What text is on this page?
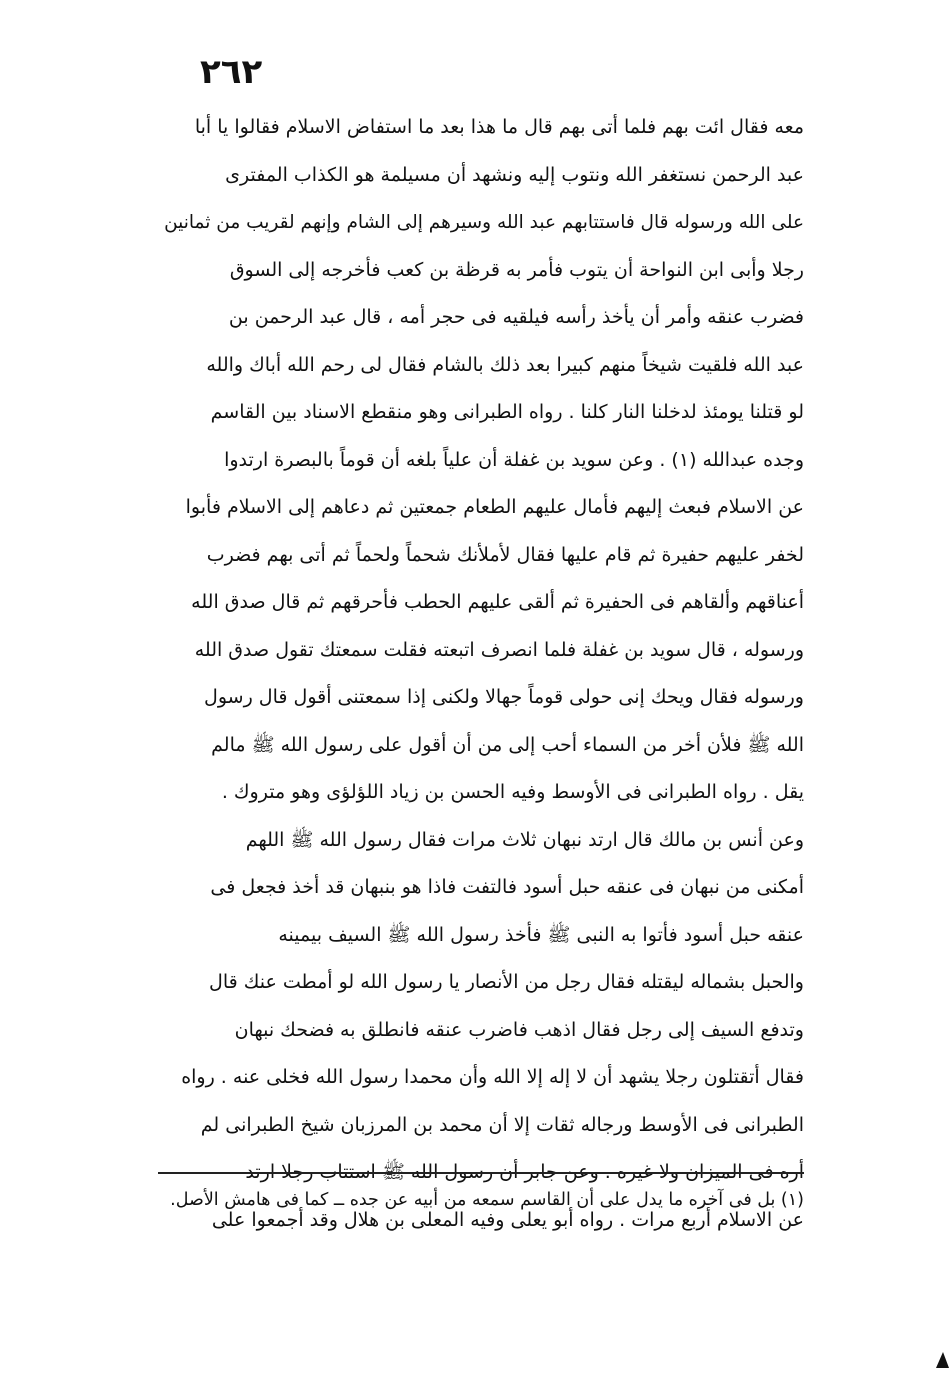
٢٦٢
معه فقال ائت بهم فلما أتى بهم قال ما هذا بعد ما استفاض الاسلام فقالوا يا أبا
عبد الرحمن نستغفر الله ونتوب إليه ونشهد أن مسيلمة هو الكذاب المفترى
على الله ورسوله قال فاستتابهم عبد الله وسيرهم إلى الشام وإنهم لقريب من ثمانين
رجلا وأبى ابن النواحة أن يتوب فأمر به قرظة بن كعب فأخرجه إلى السوق
فضرب عنقه وأمر أن يأخذ رأسه فيلقيه فى حجر أمه ، قال عبد الرحمن بن
عبد الله فلقيت شيخاً منهم كبيرا بعد ذلك بالشام فقال لى رحم الله أباك والله
لو قتلنا يومئذ لدخلنا النار كلنا . رواه الطبرانى وهو منقطع الاسناد بين القاسم
وجده عبدالله (١) . وعن سويد بن غفلة أن علياً بلغه أن قوماً بالبصرة ارتدوا
عن الاسلام فبعث إليهم فأمال عليهم الطعام جمعتين ثم دعاهم إلى الاسلام فأبوا
لخفر عليهم حفيرة ثم قام عليها فقال لأملأنك شحماً ولحماً ثم أتى بهم فضرب
أعناقهم وألقاهم فى الحفيرة ثم ألقى عليهم الحطب فأحرقهم ثم قال صدق الله
ورسوله ، قال سويد بن غفلة فلما انصرف اتبعته فقلت سمعتك تقول صدق الله
ورسوله فقال ويحك إنى حولى قوماً جهالا ولكنى إذا سمعتنى أقول قال رسول
الله ﷺ فلأن أخر من السماء أحب إلى من أن أقول على رسول الله ﷺ مالم
يقل . رواه الطبرانى فى الأوسط وفيه الحسن بن زياد اللؤلؤى وهو متروك .
وعن أنس بن مالك قال ارتد نبهان ثلاث مرات فقال رسول الله ﷺ اللهم
أمكنى من نبهان فى عنقه حبل أسود فالتفت فاذا هو بنبهان قد أخذ فجعل فى
عنقه حبل أسود فأتوا به النبى ﷺ فأخذ رسول الله ﷺ السيف بيمينه
والحبل بشماله ليقتله فقال رجل من الأنصار يا رسول الله لو أمطت عنك قال
وتدفع السيف إلى رجل فقال اذهب فاضرب عنقه فانطلق به فضحك نبهان
فقال أتقتلون رجلا يشهد أن لا إله إلا الله وأن محمدا رسول الله فخلى عنه . رواه
الطبرانى فى الأوسط ورجاله ثقات إلا أن محمد بن المرزبان شيخ الطبرانى لم
أره فى الميزان ولا غيره . وعن جابر أن رسول الله ﷺ استتاب رجلا ارتد
عن الاسلام أربع مرات . رواه أبو يعلى وفيه المعلى بن هلال وقد أجمعوا على
(١) بل فى آخره ما يدل على أن القاسم سمعه من أبيه عن جده ــ كما فى هامش الأصل.
